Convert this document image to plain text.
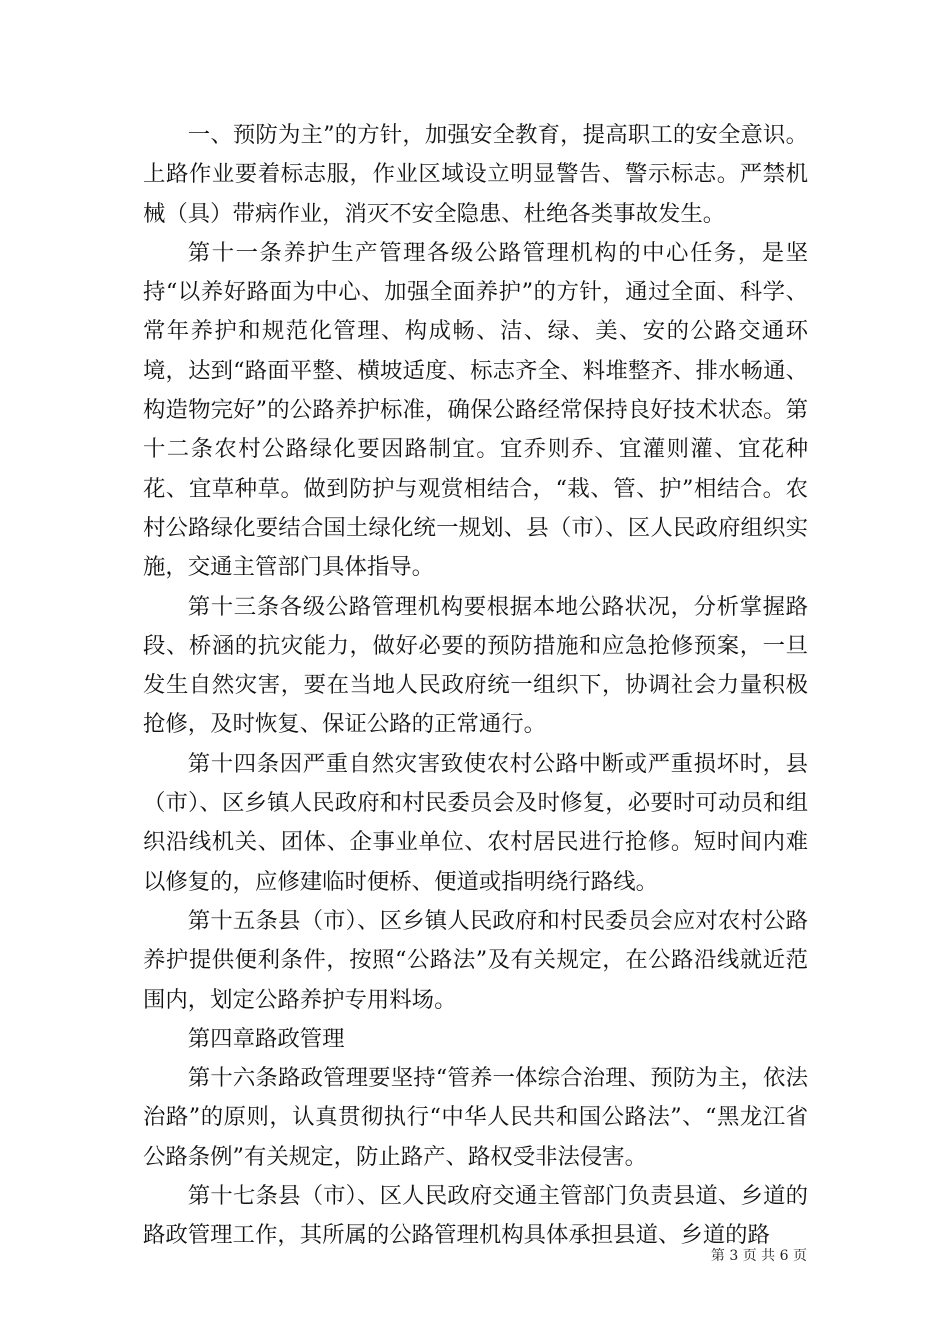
一、预防为主”的方针，加强安全教育，提高职工的安全意识。上路作业要着标志服，作业区域设立明显警告、警示标志。严禁机械（具）带病作业，消灭不安全隐患、杜绝各类事故发生。

第十一条养护生产管理各级公路管理机构的中心任务，是坚持“以养好路面为中心、加强全面养护”的方针，通过全面、科学、常年养护和规范化管理、构成畅、洁、绿、美、安的公路交通环境，达到“路面平整、横坡适度、标志齐全、料堆整齐、排水畅通、构造物完好”的公路养护标准，确保公路经常保持良好技术状态。第十二条农村公路绿化要因路制宜。宜乔则乔、宜灌则灌、宜花种花、宜草种草。做到防护与观赏相结合，“栽、管、护”相结合。农村公路绿化要结合国土绿化统一规划、县（市）、区人民政府组织实施，交通主管部门具体指导。

第十三条各级公路管理机构要根据本地公路状况，分析掌握路段、桥涵的抗灾能力，做好必要的预防措施和应急抢修预案，一旦发生自然灾害，要在当地人民政府统一组织下，协调社会力量积极抢修，及时恢复、保证公路的正常通行。

第十四条因严重自然灾害致使农村公路中断或严重损坏时，县（市）、区乡镇人民政府和村民委员会及时修复，必要时可动员和组织沿线机关、团体、企事业单位、农村居民进行抢修。短时间内难以修复的，应修建临时便桥、便道或指明绕行路线。

第十五条县（市）、区乡镇人民政府和村民委员会应对农村公路养护提供便利条件，按照“公路法”及有关规定，在公路沿线就近范围内，划定公路养护专用料场。

第四章路政管理

第十六条路政管理要坚持“管养一体综合治理、预防为主，依法治路”的原则，认真贯彻执行“中华人民共和国公路法”、“黑龙江省公路条例”有关规定，防止路产、路权受非法侵害。

第十七条县（市）、区人民政府交通主管部门负责县道、乡道的路政管理工作，其所属的公路管理机构具体承担县道、乡道的路

第 3 页 共 6 页
